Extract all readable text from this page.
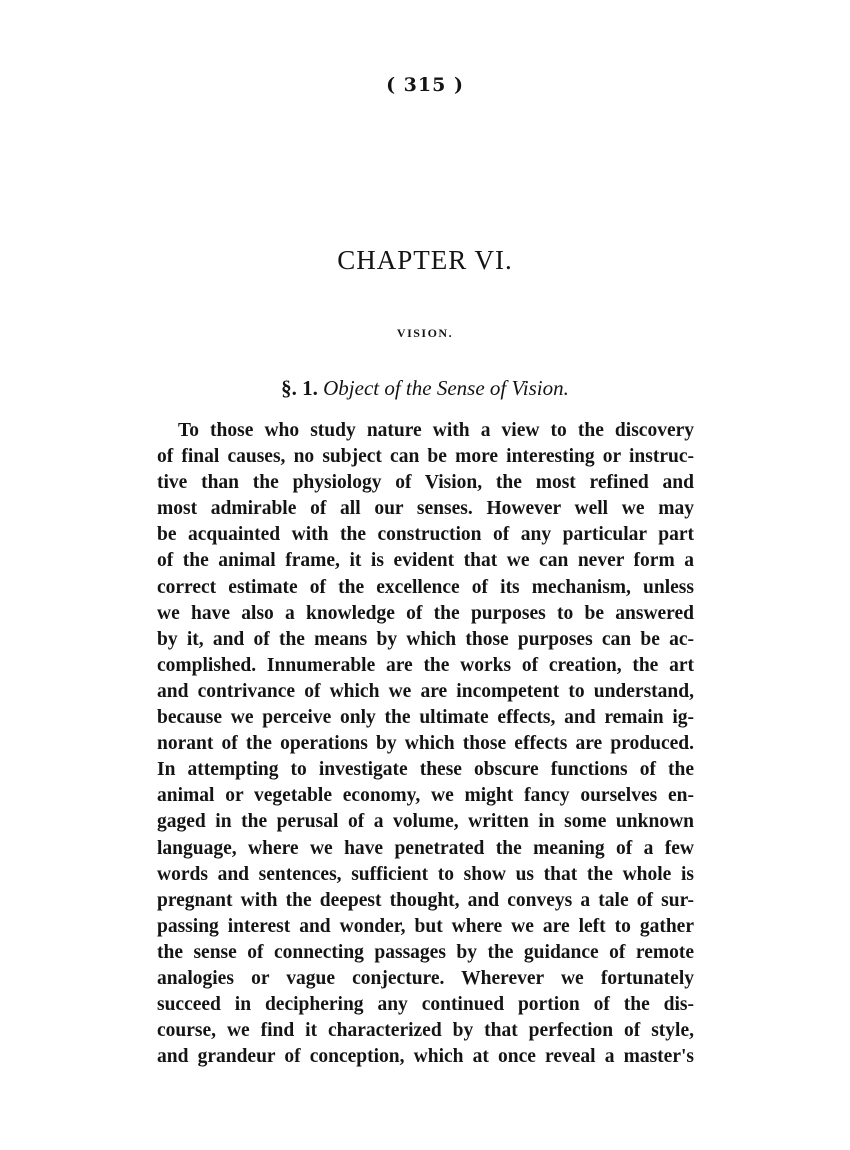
( 315 )
CHAPTER VI.
VISION.
§. 1. Object of the Sense of Vision.
To those who study nature with a view to the discovery
of final causes, no subject can be more interesting or instruc-
tive than the physiology of Vision, the most refined and
most admirable of all our senses. However well we may
be acquainted with the construction of any particular part
of the animal frame, it is evident that we can never form a
correct estimate of the excellence of its mechanism, unless
we have also a knowledge of the purposes to be answered
by it, and of the means by which those purposes can be ac-
complished. Innumerable are the works of creation, the art
and contrivance of which we are incompetent to understand,
because we perceive only the ultimate effects, and remain ig-
norant of the operations by which those effects are produced.
In attempting to investigate these obscure functions of the
animal or vegetable economy, we might fancy ourselves en-
gaged in the perusal of a volume, written in some unknown
language, where we have penetrated the meaning of a few
words and sentences, sufficient to show us that the whole is
pregnant with the deepest thought, and conveys a tale of sur-
passing interest and wonder, but where we are left to gather
the sense of connecting passages by the guidance of remote
analogies or vague conjecture. Wherever we fortunately
succeed in deciphering any continued portion of the dis-
course, we find it characterized by that perfection of style,
and grandeur of conception, which at once reveal a master's
